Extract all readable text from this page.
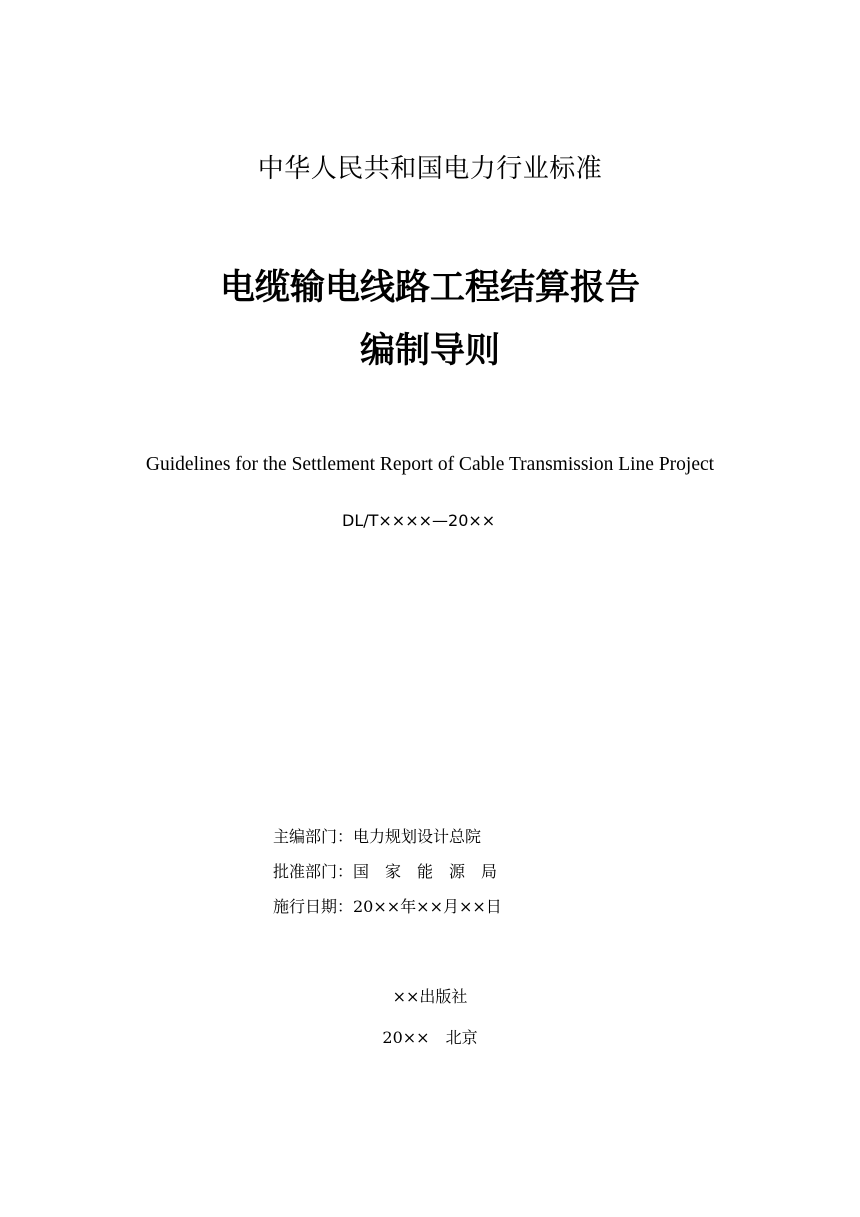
中华人民共和国电力行业标准
电缆输电线路工程结算报告
编制导则
Guidelines for the Settlement Report of Cable Transmission Line Project
DL/T××××—20××
主编部门：电力规划设计总院
批准部门：国　家　能　源　局
施行日期：20××年××月××日
××出版社
20××　北京
